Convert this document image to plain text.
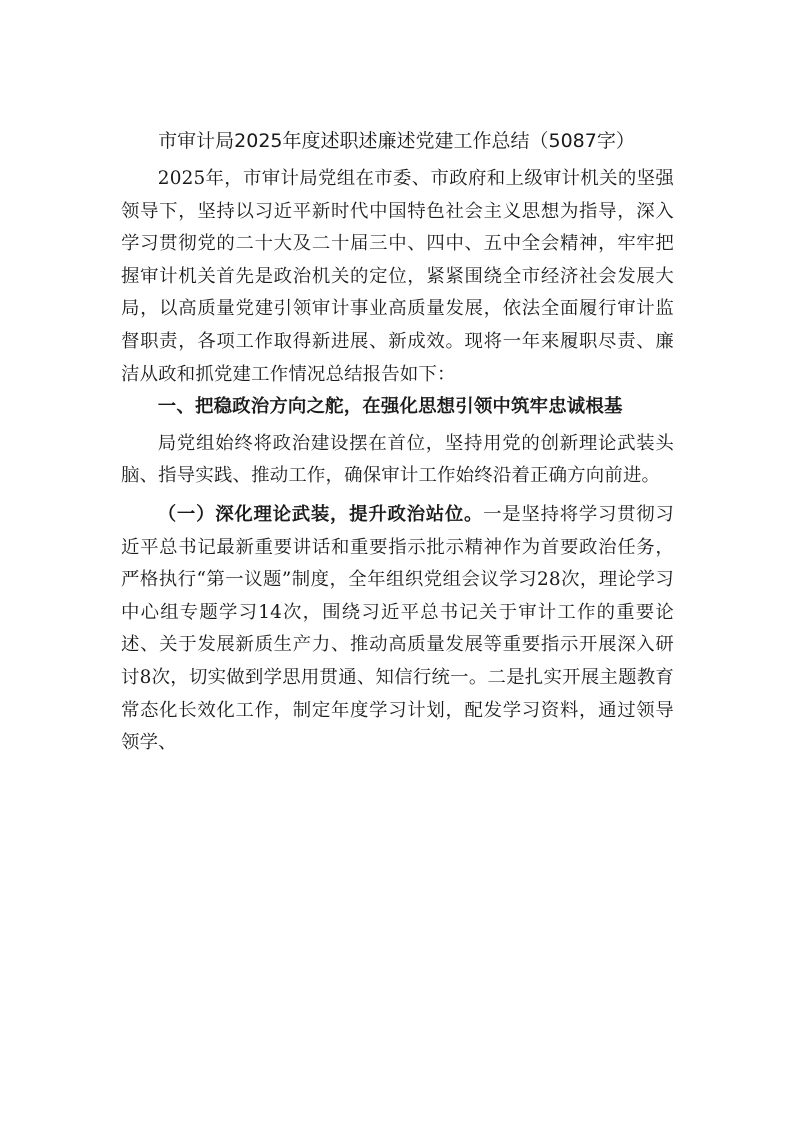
市审计局2025年度述职述廉述党建工作总结（5087字）

2025年，市审计局党组在市委、市政府和上级审计机关的坚强领导下，坚持以习近平新时代中国特色社会主义思想为指导，深入学习贯彻党的二十大及二十届三中、四中、五中全会精神，牢牢把握审计机关首先是政治机关的定位，紧紧围绕全市经济社会发展大局，以高质量党建引领审计事业高质量发展，依法全面履行审计监督职责，各项工作取得新进展、新成效。现将一年来履职尽责、廉洁从政和抓党建工作情况总结报告如下：

一、把稳政治方向之舵，在强化思想引领中筑牢忠诚根基

局党组始终将政治建设摆在首位，坚持用党的创新理论武装头脑、指导实践、推动工作，确保审计工作始终沿着正确方向前进。

（一）深化理论武装，提升政治站位。一是坚持将学习贯彻习近平总书记最新重要讲话和重要指示批示精神作为首要政治任务，严格执行“第一议题”制度，全年组织党组会议学习28次，理论学习中心组专题学习14次，围绕习近平总书记关于审计工作的重要论述、关于发展新质生产力、推动高质量发展等重要指示开展深入研讨8次，切实做到学思用贯通、知信行统一。二是扎实开展主题教育常态化长效化工作，制定年度学习计划，配发学习资料，通过领导领学、
